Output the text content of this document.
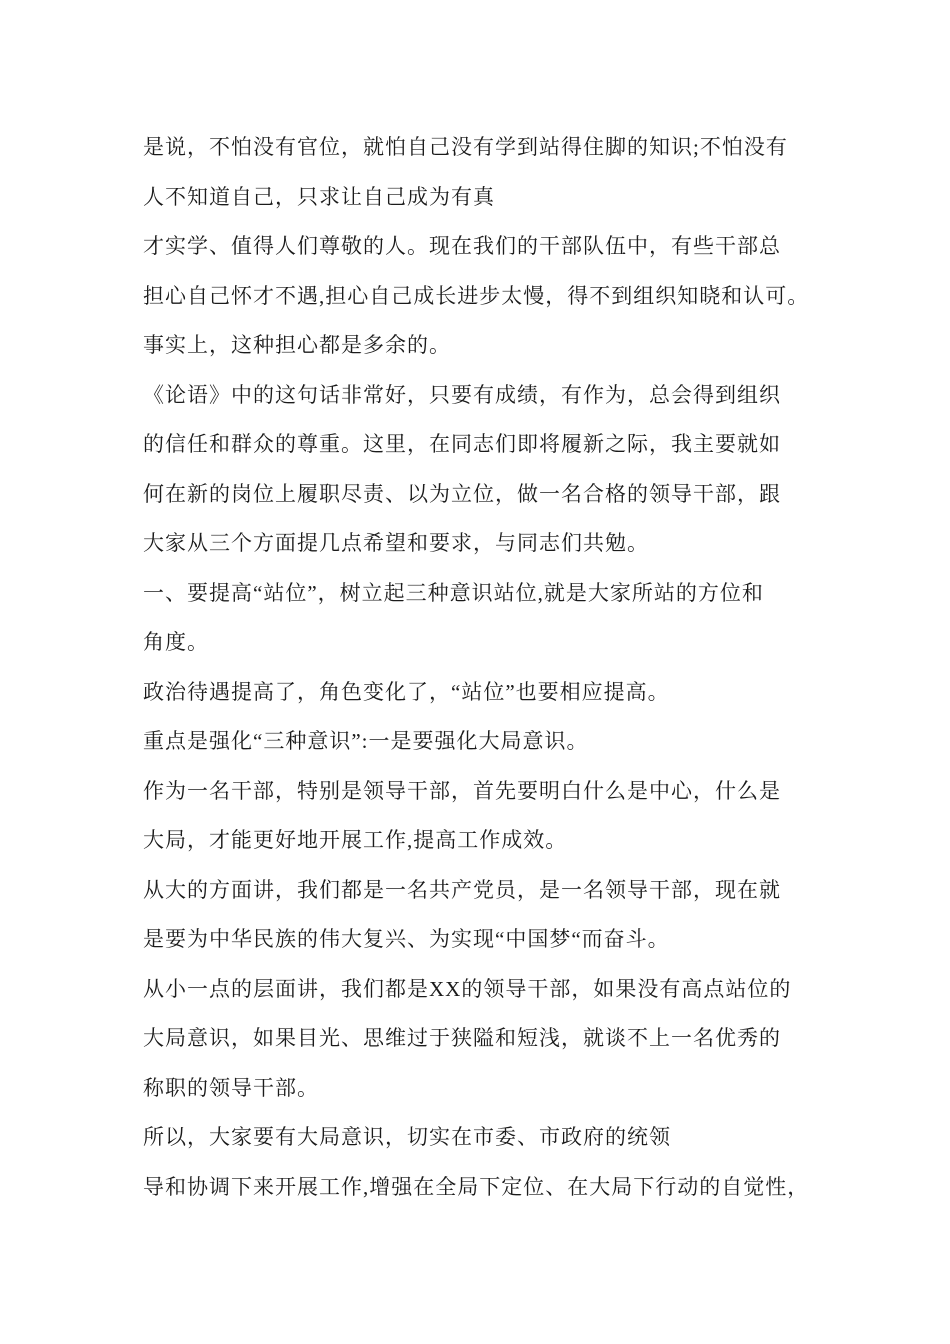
是说，不怕没有官位，就怕自己没有学到站得住脚的知识;不怕没有
人不知道自己，只求让自己成为有真
才实学、值得人们尊敬的人。现在我们的干部队伍中，有些干部总
担心自己怀才不遇,担心自己成长进步太慢，得不到组织知晓和认可。
事实上，这种担心都是多余的。
《论语》中的这句话非常好，只要有成绩，有作为，总会得到组织
的信任和群众的尊重。这里，在同志们即将履新之际，我主要就如
何在新的岗位上履职尽责、以为立位，做一名合格的领导干部，跟
大家从三个方面提几点希望和要求，与同志们共勉。
一、要提高“站位”，树立起三种意识站位,就是大家所站的方位和
角度。
政治待遇提高了，角色变化了，“站位”也要相应提高。
重点是强化“三种意识”:一是要强化大局意识。
作为一名干部，特别是领导干部，首先要明白什么是中心，什么是
大局，才能更好地开展工作,提高工作成效。
从大的方面讲，我们都是一名共产党员，是一名领导干部，现在就
是要为中华民族的伟大复兴、为实现“中国梦“而奋斗。
从小一点的层面讲，我们都是XX的领导干部，如果没有高点站位的
大局意识，如果目光、思维过于狭隘和短浅，就谈不上一名优秀的
称职的领导干部。
所以，大家要有大局意识，切实在市委、市政府的统领
导和协调下来开展工作,增强在全局下定位、在大局下行动的自觉性，
